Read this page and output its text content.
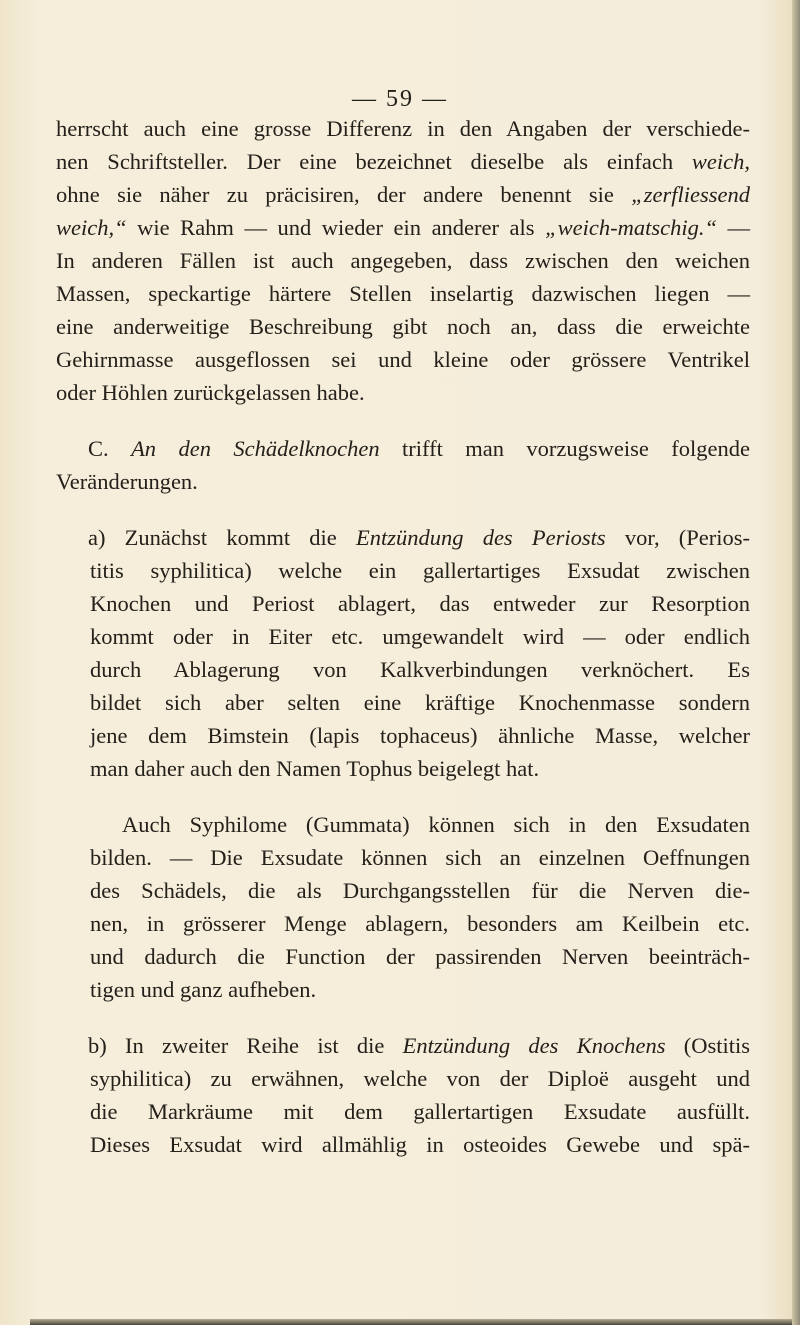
— 59 —
herrscht auch eine grosse Differenz in den Angaben der verschiede-
nen Schriftsteller. Der eine bezeichnet dieselbe als einfach weich,
ohne sie näher zu präcisiren, der andere benennt sie „zerfliessend
weich,“ wie Rahm — und wieder ein anderer als „weich-matschig.“ —
In anderen Fällen ist auch angegeben, dass zwischen den weichen
Massen, speckartige härtere Stellen inselartig dazwischen liegen —
eine anderweitige Beschreibung gibt noch an, dass die erweichte
Gehirnmasse ausgeflossen sei und kleine oder grössere Ventrikel
oder Höhlen zurückgelassen habe.
C. An den Schädelknochen trifft man vorzugsweise folgende
Veränderungen.
a) Zunächst kommt die Entzündung des Periosts vor, (Perios-
titis syphilitica) welche ein gallertartiges Exsudat zwischen
Knochen und Periost ablagert, das entweder zur Resorption
kommt oder in Eiter etc. umgewandelt wird — oder endlich
durch Ablagerung von Kalkverbindungen verknöchert. Es
bildet sich aber selten eine kräftige Knochenmasse sondern
jene dem Bimstein (lapis tophaceus) ähnliche Masse, welcher
man daher auch den Namen Tophus beigelegt hat.
Auch Syphilome (Gummata) können sich in den Exsudaten
bilden. — Die Exsudate können sich an einzelnen Oeffnungen
des Schädels, die als Durchgangsstellen für die Nerven die-
nen, in grösserer Menge ablagern, besonders am Keilbein etc.
und dadurch die Function der passirenden Nerven beeinträch-
tigen und ganz aufheben.
b) In zweiter Reihe ist die Entzündung des Knochens (Ostitis
syphilitica) zu erwähnen, welche von der Diploë ausgeht und
die Markräume mit dem gallertartigen Exsudate ausfüllt.
Dieses Exsudat wird allmählig in osteoides Gewebe und spä-
